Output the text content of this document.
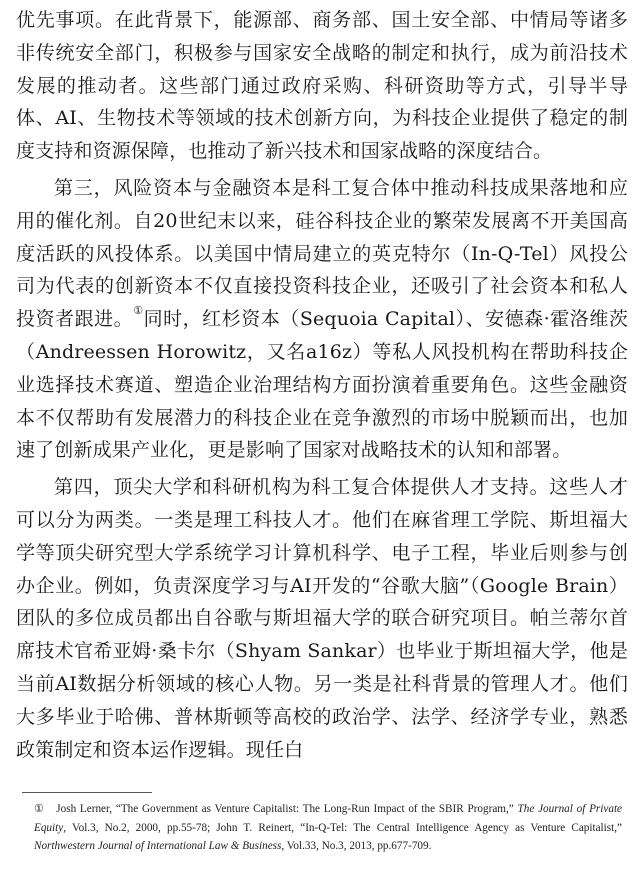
优先事项。在此背景下，能源部、商务部、国土安全部、中情局等诸多非传统安全部门，积极参与国家安全战略的制定和执行，成为前沿技术发展的推动者。这些部门通过政府采购、科研资助等方式，引导半导体、AI、生物技术等领域的技术创新方向，为科技企业提供了稳定的制度支持和资源保障，也推动了新兴技术和国家战略的深度结合。

第三，风险资本与金融资本是科工复合体中推动科技成果落地和应用的催化剂。自20世纪末以来，硅谷科技企业的繁荣发展离不开美国高度活跃的风投体系。以美国中情局建立的英克特尔（In-Q-Tel）风投公司为代表的创新资本不仅直接投资科技企业，还吸引了社会资本和私人投资者跟进。①同时，红杉资本（Sequoia Capital）、安德森·霍洛维茨（Andreessen Horowitz，又名a16z）等私人风投机构在帮助科技企业选择技术赛道、塑造企业治理结构方面扮演着重要角色。这些金融资本不仅帮助有发展潜力的科技企业在竞争激烈的市场中脱颖而出，也加速了创新成果产业化，更是影响了国家对战略技术的认知和部署。

第四，顶尖大学和科研机构为科工复合体提供人才支持。这些人才可以分为两类。一类是理工科技人才。他们在麻省理工学院、斯坦福大学等顶尖研究型大学系统学习计算机科学、电子工程，毕业后则参与创办企业。例如，负责深度学习与AI开发的“谷歌大脑”（Google Brain）团队的多位成员都出自谷歌与斯坦福大学的联合研究项目。帕兰蒂尔首席技术官希亚姆·桑卡尔（Shyam Sankar）也毕业于斯坦福大学，他是当前AI数据分析领域的核心人物。另一类是社科背景的管理人才。他们大多毕业于哈佛、普林斯顿等高校的政治学、法学、经济学专业，熟悉政策制定和资本运作逻辑。现任白

① Josh Lerner, “The Government as Venture Capitalist: The Long-Run Impact of the SBIR Program,” The Journal of Private Equity, Vol.3, No.2, 2000, pp.55-78; John T. Reinert, “In-Q-Tel: The Central Intelligence Agency as Venture Capitalist,” Northwestern Journal of International Law & Business, Vol.33, No.3, 2013, pp.677-709.
